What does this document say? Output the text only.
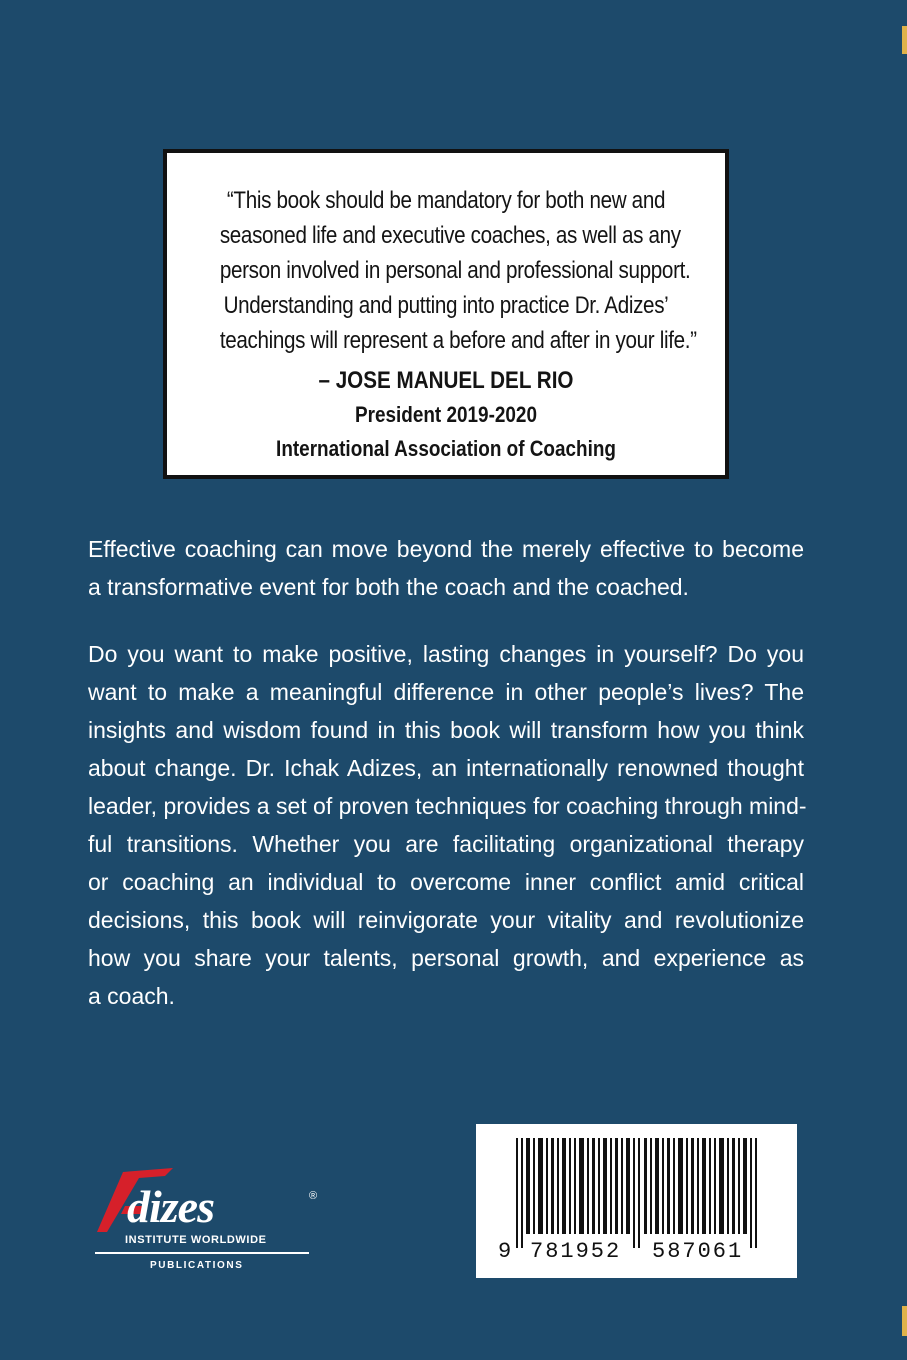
“This book should be mandatory for both new and

seasoned life and executive coaches, as well as any

person involved in personal and professional support.

Understanding and putting into practice Dr. Adizes’

teachings will represent a before and after in your life.”

– JOSE MANUEL DEL RIO
President 2019-2020
International Association of Coaching

Effective coaching can move beyond the merely effective to become
a transformative event for both the coach and the coached.

Do you want to make positive, lasting changes in yourself? Do you
want to make a meaningful difference in other people’s lives? The
insights and wisdom found in this book will transform how you think
about change. Dr. Ichak Adizes, an internationally renowned thought
leader, provides a set of proven techniques for coaching through mind-
ful transitions. Whether you are facilitating organizational therapy
or coaching an individual to overcome inner conflict amid critical
decisions, this book will reinvigorate your vitality and revolutionize
how you share your talents, personal growth, and experience as
a coach.

dizes	®
INSTITUTE WORLDWIDE
PUBLICATIONS
9 781952 587061
